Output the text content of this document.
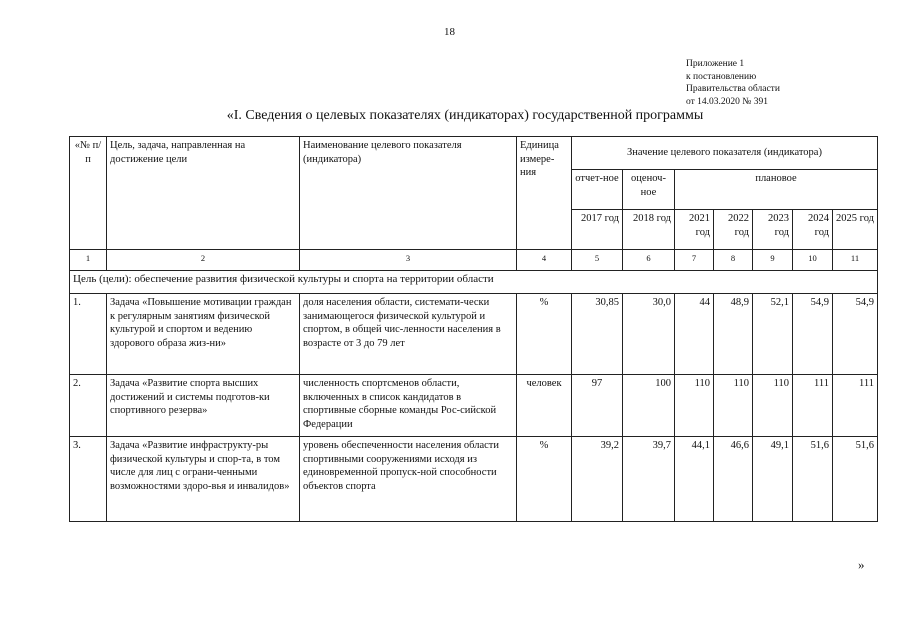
18
Приложение 1
к постановлению
Правительства области
от 14.03.2020 № 391
«I. Сведения о целевых показателях (индикаторах) государственной программы
«№ п/п	Цель, задача, направленная на достижение цели	Наименование целевого показателя (индикатора)	Единица измере-ния	Значение целевого показателя (индикатора)						
				отчет-ное	оценоч-ное	плановое				
				2017 год	2018 год	2021 год	2022 год	2023 год	2024 год	2025 год
1	2	3	4	5	6	7	8	9	10	11
Цель (цели): обеспечение развития физической культуры и спорта на территории области										
1.	Задача «Повышение мотивации граждан к регулярным занятиям физической культурой и спортом и ведению здорового образа жиз-ни»	доля населения области, системати-чески занимающегося физической культурой и спортом, в общей чис-ленности населения в возрасте от 3 до 79 лет	%	30,85	30,0	44	48,9	52,1	54,9	54,9
2.	Задача «Развитие спорта высших достижений и системы подготов-ки спортивного резерва»	численность спортсменов области, включенных в список кандидатов в спортивные сборные команды Рос-сийской Федерации	человек	97	100	110	110	110	111	111
3.	Задача «Развитие инфраструкту-ры физической культуры и спор-та, в том числе для лиц с ограни-ченными возможностями здоро-вья и инвалидов»	уровень обеспеченности населения области спортивными сооружениями исходя из единовременной пропуск-ной способности объектов спорта	%	39,2	39,7	44,1	46,6	49,1	51,6	51,6
»
